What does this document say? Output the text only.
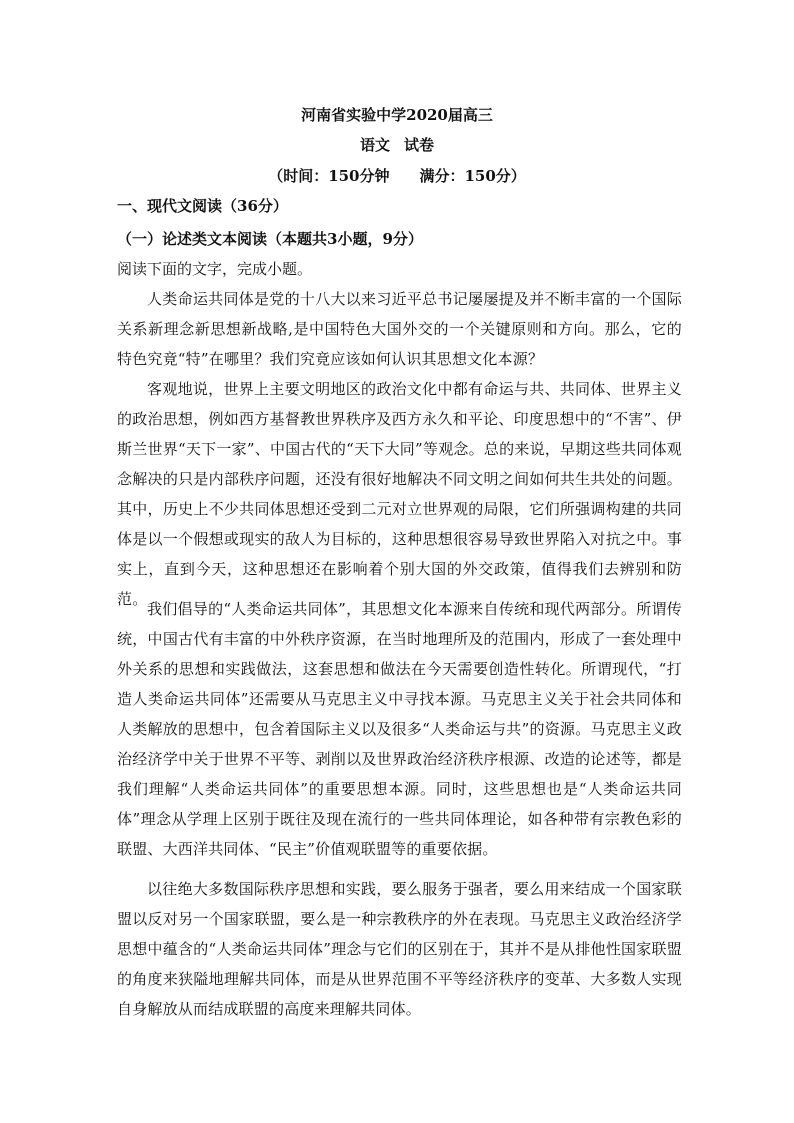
河南省实验中学2020届高三
语文 试卷
（时间：150分钟 满分：150分）
一、现代文阅读（36分）
（一）论述类文本阅读（本题共3小题，9分）
阅读下面的文字，完成小题。
人类命运共同体是党的十八大以来习近平总书记屡屡提及并不断丰富的一个国际关系新理念新思想新战略,是中国特色大国外交的一个关键原则和方向。那么，它的特色究竟“特”在哪里？我们究竟应该如何认识其思想文化本源？
客观地说，世界上主要文明地区的政治文化中都有命运与共、共同体、世界主义的政治思想，例如西方基督教世界秩序及西方永久和平论、印度思想中的“不害”、伊斯兰世界“天下一家”、中国古代的“天下大同”等观念。总的来说，早期这些共同体观念解决的只是内部秩序问题，还没有很好地解决不同文明之间如何共生共处的问题。其中，历史上不少共同体思想还受到二元对立世界观的局限，它们所强调构建的共同体是以一个假想或现实的敌人为目标的，这种思想很容易导致世界陷入对抗之中。事实上，直到今天，这种思想还在影响着个别大国的外交政策，值得我们去辨别和防范。
我们倡导的“人类命运共同体”，其思想文化本源来自传统和现代两部分。所谓传统，中国古代有丰富的中外秩序资源，在当时地理所及的范围内，形成了一套处理中外关系的思想和实践做法，这套思想和做法在今天需要创造性转化。所谓现代，“打造人类命运共同体”还需要从马克思主义中寻找本源。马克思主义关于社会共同体和人类解放的思想中，包含着国际主义以及很多“人类命运与共”的资源。马克思主义政治经济学中关于世界不平等、剥削以及世界政治经济秩序根源、改造的论述等，都是我们理解“人类命运共同体”的重要思想本源。同时，这些思想也是“人类命运共同体”理念从学理上区别于既往及现在流行的一些共同体理论，如各种带有宗教色彩的联盟、大西洋共同体、“民主”价值观联盟等的重要依据。
以往绝大多数国际秩序思想和实践，要么服务于强者，要么用来结成一个国家联盟以反对另一个国家联盟，要么是一种宗教秩序的外在表现。马克思主义政治经济学思想中蕴含的“人类命运共同体”理念与它们的区别在于，其并不是从排他性国家联盟的角度来狭隘地理解共同体，而是从世界范围不平等经济秩序的变革、大多数人实现自身解放从而结成联盟的高度来理解共同体。
